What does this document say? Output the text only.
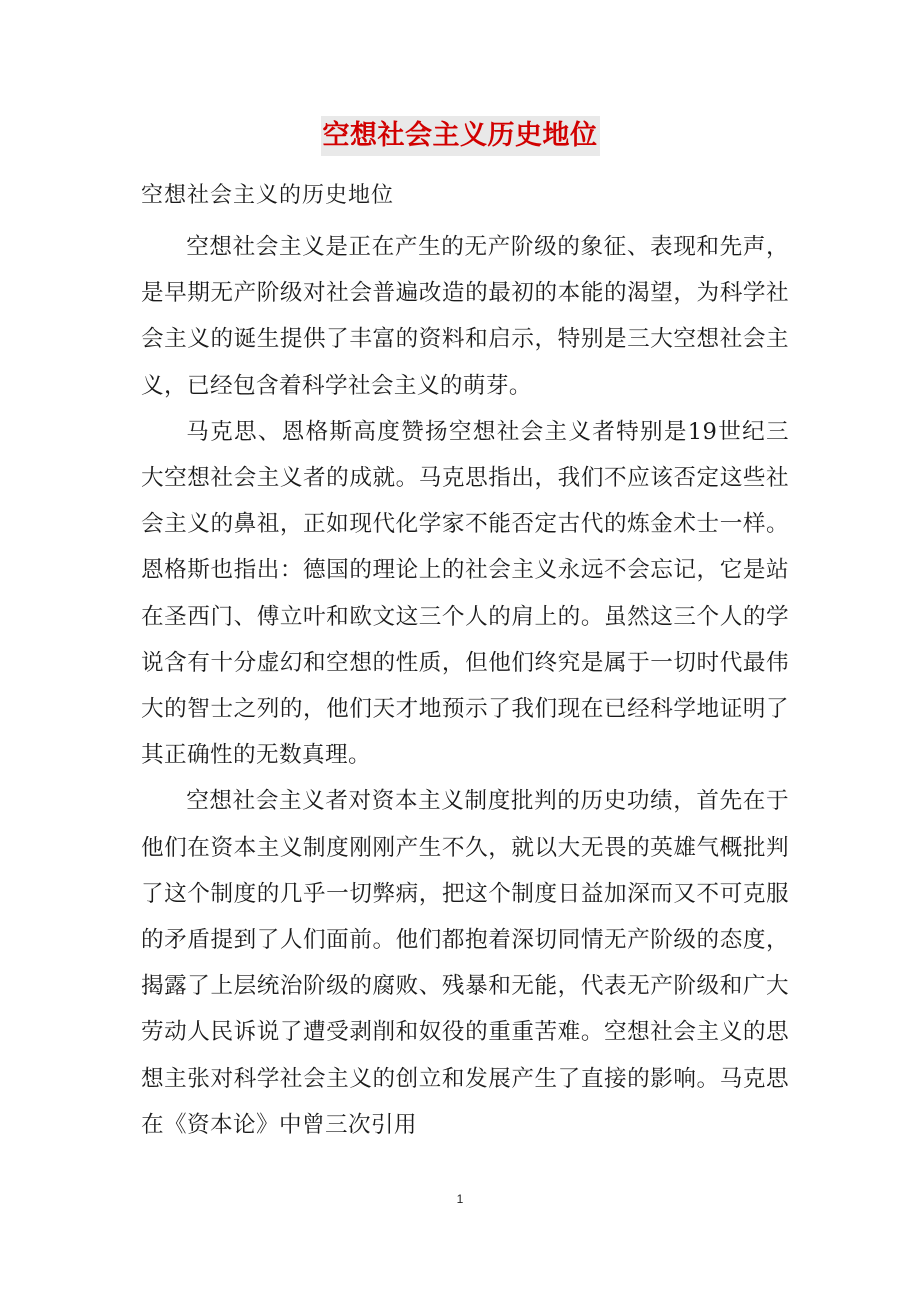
空想社会主义历史地位
空想社会主义的历史地位

空想社会主义是正在产生的无产阶级的象征、表现和先声，是早期无产阶级对社会普遍改造的最初的本能的渴望，为科学社会主义的诞生提供了丰富的资料和启示，特别是三大空想社会主义，已经包含着科学社会主义的萌芽。

马克思、恩格斯高度赞扬空想社会主义者特别是19世纪三大空想社会主义者的成就。马克思指出，我们不应该否定这些社会主义的鼻祖，正如现代化学家不能否定古代的炼金术士一样。恩格斯也指出：德国的理论上的社会主义永远不会忘记，它是站在圣西门、傅立叶和欧文这三个人的肩上的。虽然这三个人的学说含有十分虚幻和空想的性质，但他们终究是属于一切时代最伟大的智士之列的，他们天才地预示了我们现在已经科学地证明了其正确性的无数真理。

空想社会主义者对资本主义制度批判的历史功绩，首先在于他们在资本主义制度刚刚产生不久，就以大无畏的英雄气概批判了这个制度的几乎一切弊病，把这个制度日益加深而又不可克服的矛盾提到了人们面前。他们都抱着深切同情无产阶级的态度，揭露了上层统治阶级的腐败、残暴和无能，代表无产阶级和广大劳动人民诉说了遭受剥削和奴役的重重苦难。空想社会主义的思想主张对科学社会主义的创立和发展产生了直接的影响。马克思在《资本论》中曾三次引用

1
